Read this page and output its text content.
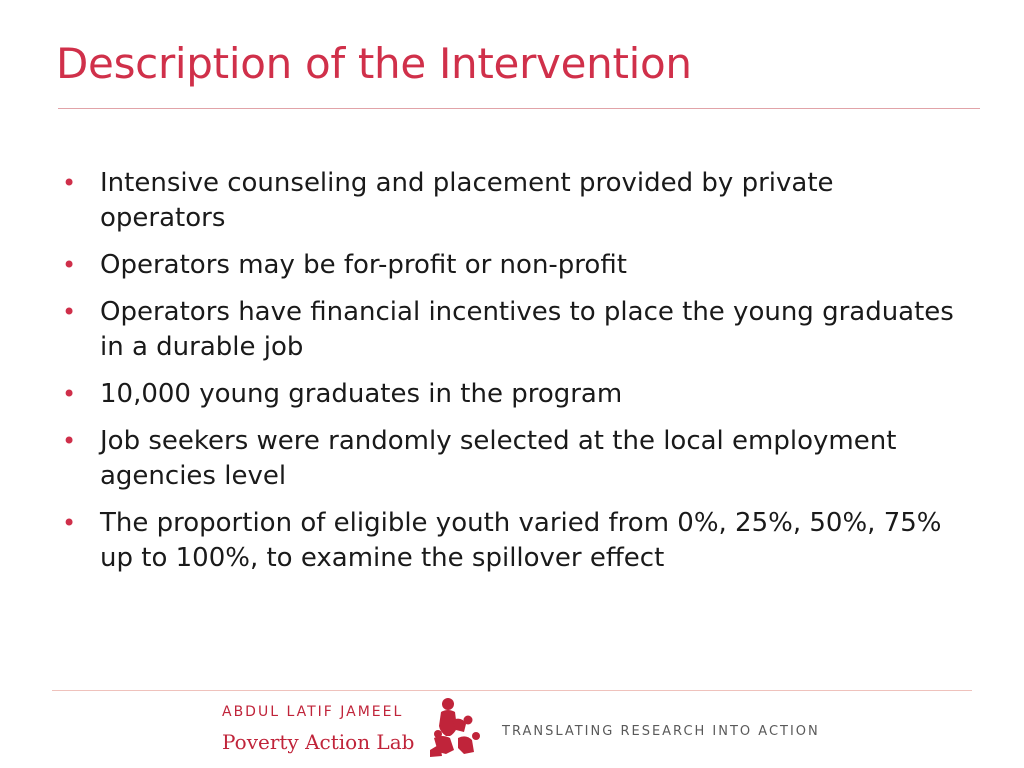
Description of the Intervention
• Intensive counseling and placement provided by private operators
• Operators may be for-profit or non-profit
• Operators have financial incentives to place the young graduates in a durable job
• 10,000 young graduates in the program
• Job seekers were randomly selected at the local employment agencies level
• The proportion of eligible youth varied from 0%, 25%, 50%, 75% up to 100%, to examine the spillover effect
ABDUL LATIF JAMEEL
Poverty Action Lab	TRANSLATING RESEARCH INTO ACTION
